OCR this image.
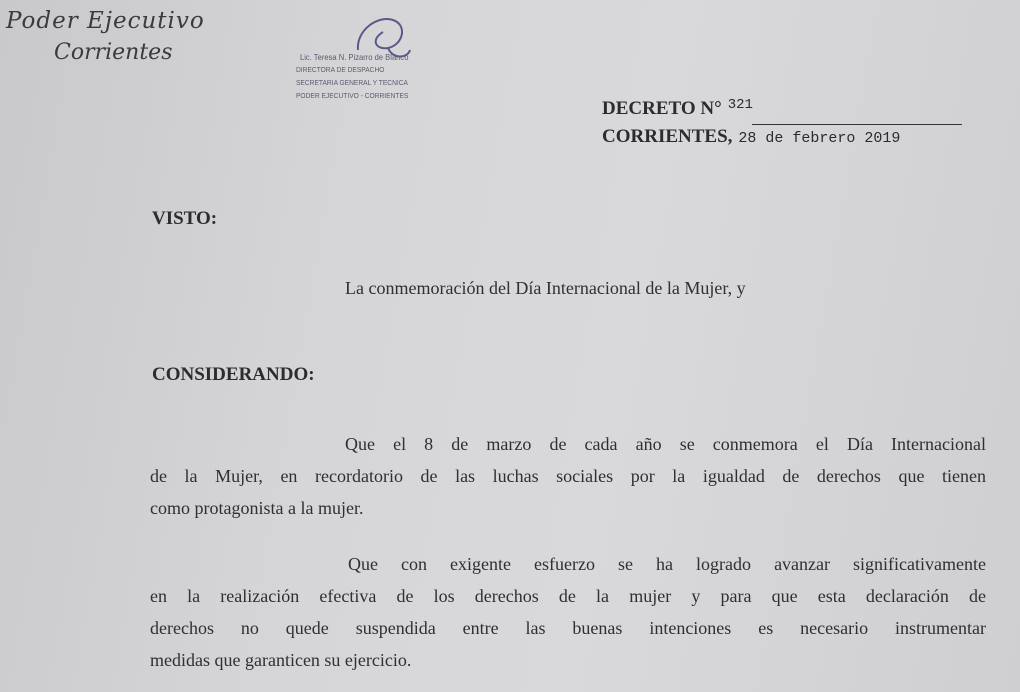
Poder Ejecutivo
Corrientes	Lic. Teresa N. Pizarro de Blanco
DIRECTORA DE DESPACHO
SECRETARIA GENERAL Y TECNICA
PODER EJECUTIVO - CORRIENTES
DECRETO N° $^{321}$
CORRIENTES, 28 de febrero 2019
VISTO:
La conmemoración del Día Internacional de la Mujer, y
CONSIDERANDO:
Que el 8 de marzo de cada año se conmemora el Día Internacional
de la Mujer, en recordatorio de las luchas sociales por la igualdad de derechos que tienen
como protagonista a la mujer.
Que con exigente esfuerzo se ha logrado avanzar significativamente
en la realización efectiva de los derechos de la mujer y para que esta declaración de
derechos no quede suspendida entre las buenas intenciones es necesario instrumentar
medidas que garanticen su ejercicio.
